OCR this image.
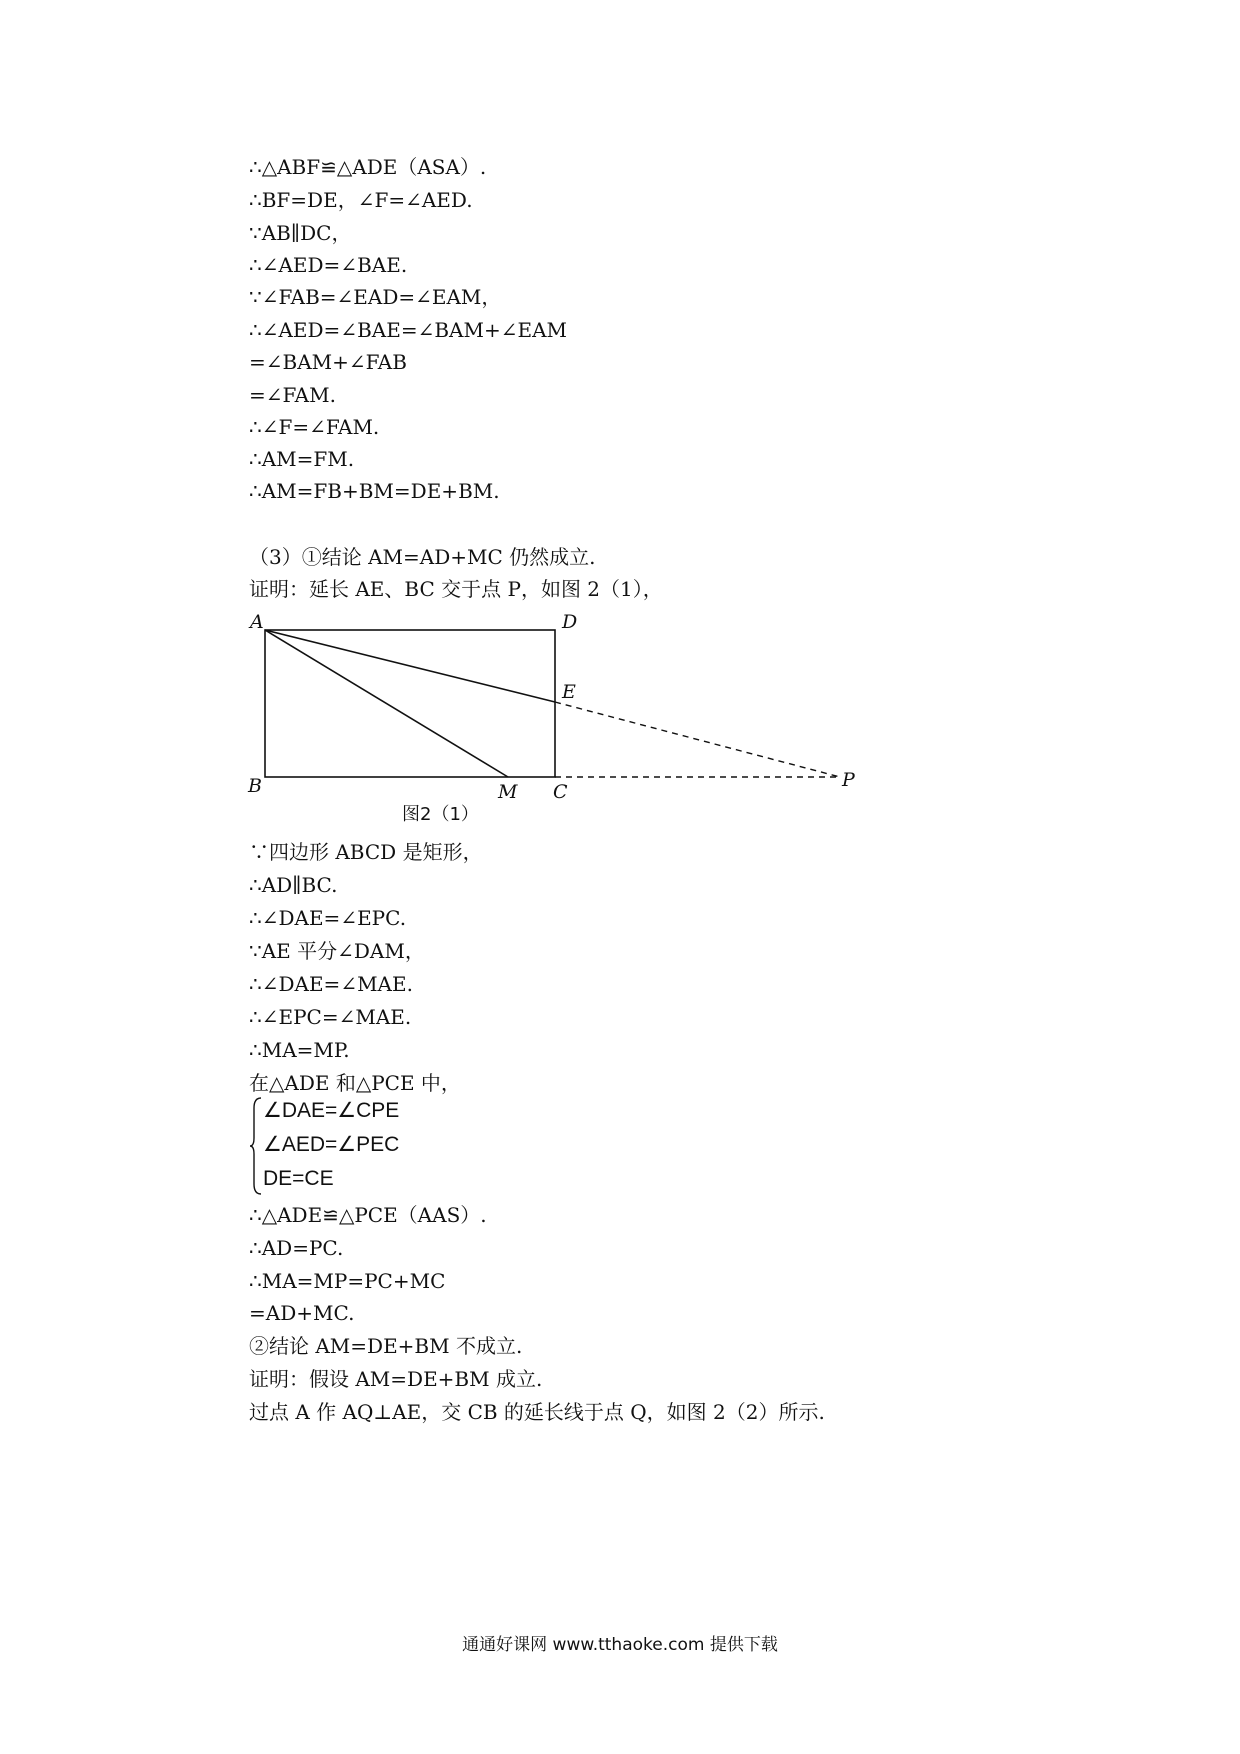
∴△ABF≌△ADE（ASA）.
∴BF=DE，∠F=∠AED.
∵AB∥DC，
∴∠AED=∠BAE.
∵∠FAB=∠EAD=∠EAM，
∴∠AED=∠BAE=∠BAM+∠EAM
=∠BAM+∠FAB
=∠FAM.
∴∠F=∠FAM.
∴AM=FM.
∴AM=FB+BM=DE+BM.
（3）①结论 AM=AD+MC 仍然成立.
证明：延长 AE、BC 交于点 P，如图 2（1），
A	D
E
B	M C
P
图2（1）
∵四边形 ABCD 是矩形，
∴AD∥BC.
∴∠DAE=∠EPC.
∵AE 平分∠DAM，
∴∠DAE=∠MAE.
∴∠EPC=∠MAE.
∴MA=MP.
在△ADE 和△PCE 中，
∠DAE=∠CPE
∠AED=∠PEC
DE=CE
∴△ADE≌△PCE（AAS）.
∴AD=PC.
∴MA=MP=PC+MC
=AD+MC.
②结论 AM=DE+BM 不成立.
证明：假设 AM=DE+BM 成立.
过点 A 作 AQ⊥AE，交 CB 的延长线于点 Q，如图 2（2）所示.
通通好课网 www.tthaoke.com 提供下载
